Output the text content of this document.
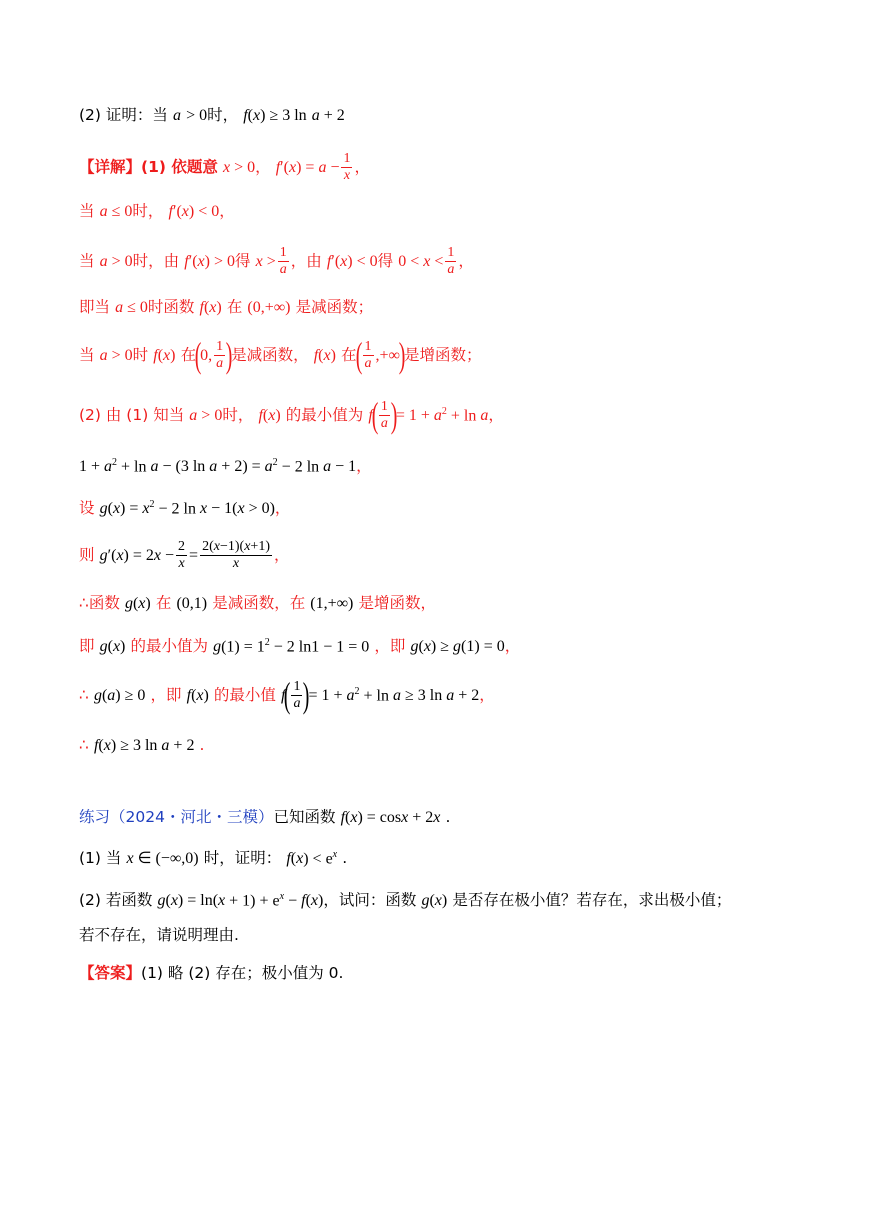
(2) 证明：当
a
> 0 时，
f ( x ) ≥ 3 ln
a + 2
【详解】(1) 依题意
x > 0 ，
f ′( x ) = $a - \frac{1}{x}$ ，
当
a ≤ 0 时，
f ′( x ) < 0 ，
当
a > 0 时，由
f ′( x ) > 0 得
$x > \frac{1}{a}$ ，由
f ′( x ) < 0 得
$0 < x < \frac{1}{a}$ ，
即当
a ≤ 0 时函数
f ( x )
在
(0,+∞)
是减函数；
当
a > 0 时
f ( x )
在
(
0, $\frac{1}{a}$ )
是减函数，
f ( x )
在
( $\frac{1}{a}$ ,+∞
)
是增函数；
(2) 由 (1) 知当
a > 0 时，
f ( x )
的最小值为
f
( $\frac{1}{a}$ )
= 1 + a $^2$ + ln a ，
1 + a $^2$ + ln a − (3 ln a + 2) = a $^2$ − 2 ln a − 1 ，
设
g ( x ) = x $^2$ − 2 ln x − 1( x > 0) ，
则
g ′( x ) = 2 $x - \frac{2}{x} = \frac{2(x-1)(x+1)}{x}$ ，
∴函数
g ( x )
在
(0,1)
是减函数，在
(1,+∞)
是增函数，
即
g ( x )
的最小值为
g $(1) = 1^2 - 2$ ln1 − 1 = 0
，即
g ( x ) ≥ g (1) = 0 ，
∴
g ( a ) ≥ 0
，即
f ( x )
的最小值
f
( $\frac{1}{a}$ )
= 1 + a $^2$ + ln a ≥ 3 ln a + 2 ，
∴
f ( x ) ≥ 3 ln a + 2
.
练习（2024・河北・三模） 已知函数
f ( x ) = cos x + 2 x
.
(1) 当
x ∈ (−∞,0)
时，证明：
f ( x ) < $e^x$
.
(2) 若函数
g ( x ) = ln( $x + 1) + e^x - f$ ( x ) ，试问：函数
g ( x )
是否存在极小值？若存在，求出极小值；
若不存在，请说明理由.
【答案】 (1) 略 (2) 存在；极小值为 0.
